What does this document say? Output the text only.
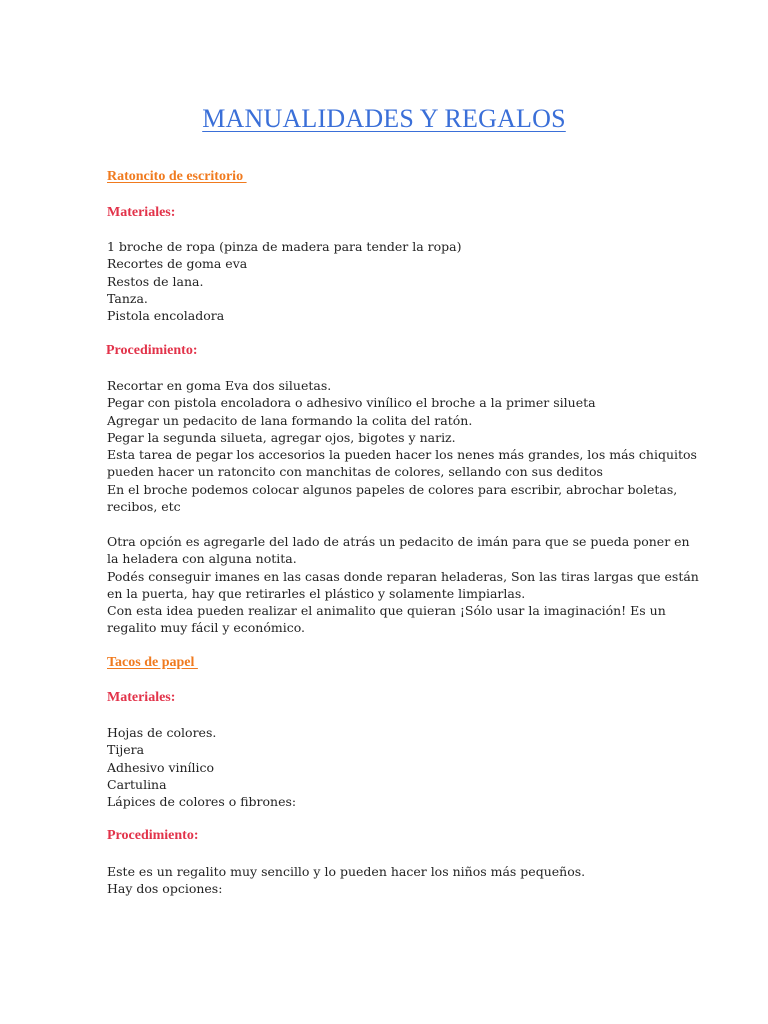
MANUALIDADES Y REGALOS
Ratoncito de escritorio
Materiales:
1 broche de ropa (pinza de madera para tender la ropa)
Recortes de goma eva
Restos de lana.
Tanza.
Pistola encoladora
Procedimiento:
Recortar en goma Eva dos siluetas.
Pegar con pistola encoladora o adhesivo vinílico el broche a la primer silueta
Agregar un pedacito de lana formando la colita del ratón.
Pegar la segunda silueta, agregar ojos, bigotes y nariz.
Esta tarea de pegar los accesorios la pueden hacer los nenes más grandes, los más chiquitos
pueden hacer un ratoncito con manchitas de colores, sellando con sus deditos
En el broche podemos colocar algunos papeles de colores para escribir, abrochar boletas,
recibos, etc
Otra opción es agregarle del lado de atrás un pedacito de imán para que se pueda poner en
la heladera con alguna notita.
Podés conseguir imanes en las casas donde reparan heladeras, Son las tiras largas que están
en la puerta, hay que retirarles el plástico y solamente limpiarlas.
Con esta idea pueden realizar el animalito que quieran ¡Sólo usar la imaginación! Es un
regalito muy fácil y económico.
Tacos de papel
Materiales:
Hojas de colores.
Tijera
Adhesivo vinílico
Cartulina
Lápices de colores o fibrones:
Procedimiento:
Este es un regalito muy sencillo y lo pueden hacer los niños más pequeños.
Hay dos opciones:
